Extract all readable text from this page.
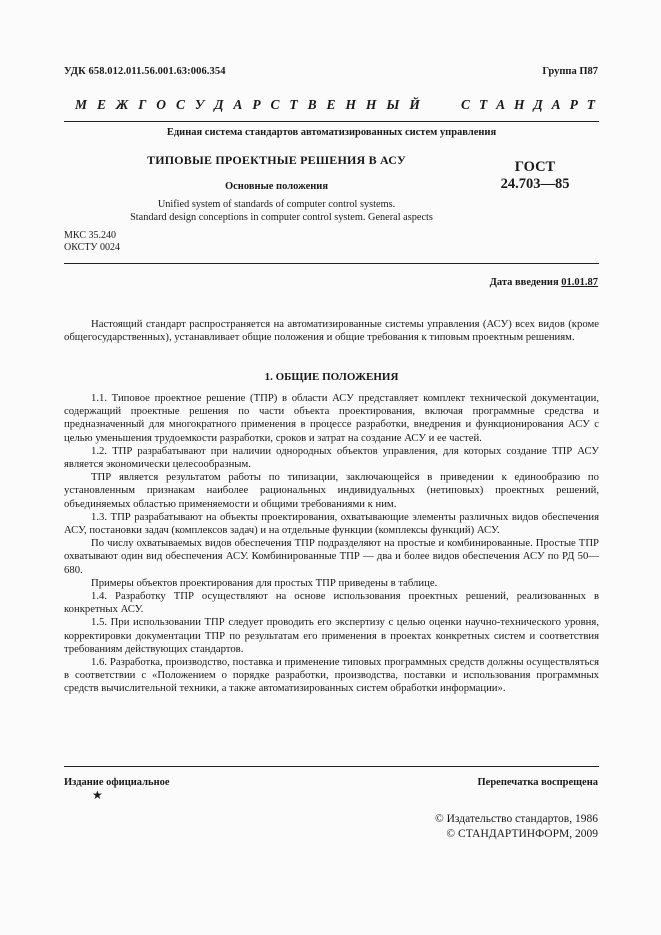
УДК 658.012.011.56.001.63:006.354	Группа П87
М Е Ж Г О С У Д А Р С Т В Е Н Н Ы Й	С Т А Н Д А Р Т
Единая система стандартов автоматизированных систем управления
ТИПОВЫЕ ПРОЕКТНЫЕ РЕШЕНИЯ В АСУ
Основные положения
Unified system of standards of computer control systems.
Standard design conceptions in computer control system. General aspects
ГОСТ
24.703—85
МКС 35.240
ОКСТУ 0024
Дата введения 01.01.87

Настоящий стандарт распространяется на автоматизированные системы управления (АСУ) всех видов (кроме общегосударственных), устанавливает общие положения и общие требования к типовым проектным решениям.

1. ОБЩИЕ ПОЛОЖЕНИЯ

1.1. Типовое проектное решение (ТПР) в области АСУ представляет комплект технической документации, содержащий проектные решения по части объекта проектирования, включая программные средства и предназначенный для многократного применения в процессе разработки, внедрения и функционирования АСУ с целью уменьшения трудоемкости разработки, сроков и затрат на создание АСУ и ее частей.

1.2. ТПР разрабатывают при наличии однородных объектов управления, для которых создание ТПР АСУ является экономически целесообразным.

ТПР является результатом работы по типизации, заключающейся в приведении к единообразию по установленным признакам наиболее рациональных индивидуальных (нетиповых) проектных решений, объединяемых областью применяемости и общими требованиями к ним.

1.3. ТПР разрабатывают на объекты проектирования, охватывающие элементы различных видов обеспечения АСУ, постановки задач (комплексов задач) и на отдельные функции (комплексы функций) АСУ.

По числу охватываемых видов обеспечения ТПР подразделяют на простые и комбинированные. Простые ТПР охватывают один вид обеспечения АСУ. Комбинированные ТПР — два и более видов обеспечения АСУ по РД 50—680.

Примеры объектов проектирования для простых ТПР приведены в таблице.

1.4. Разработку ТПР осуществляют на основе использования проектных решений, реализованных в конкретных АСУ.

1.5. При использовании ТПР следует проводить его экспертизу с целью оценки научно-технического уровня, корректировки документации ТПР по результатам его применения в проектах конкретных систем и соответствия требованиям действующих стандартов.

1.6. Разработка, производство, поставка и применение типовых программных средств должны осуществляться в соответствии с «Положением о порядке разработки, производства, поставки и использования программных средств вычислительной техники, а также автоматизированных систем обработки информации».

Издание официальное	Перепечатка воспрещена
★
© Издательство стандартов, 1986
© СТАНДАРТИНФОРМ, 2009
